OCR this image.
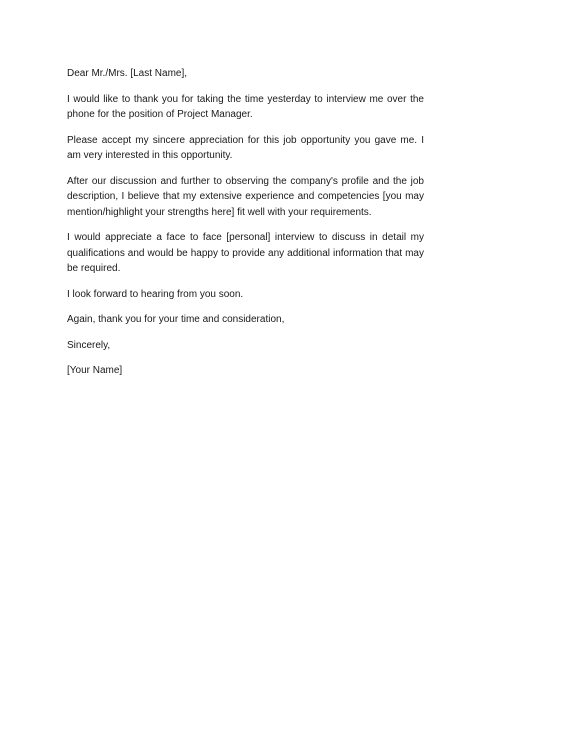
Dear Mr./Mrs. [Last Name],

I would like to thank you for taking the time yesterday to interview me over the phone for the position of Project Manager.

Please accept my sincere appreciation for this job opportunity you gave me. I am very interested in this opportunity.

After our discussion and further to observing the company's profile and the job description, I believe that my extensive experience and competencies [you may mention/highlight your strengths here] fit well with your requirements.

I would appreciate a face to face [personal] interview to discuss in detail my qualifications and would be happy to provide any additional information that may be required.

I look forward to hearing from you soon.

Again, thank you for your time and consideration,

Sincerely,

[Your Name]
